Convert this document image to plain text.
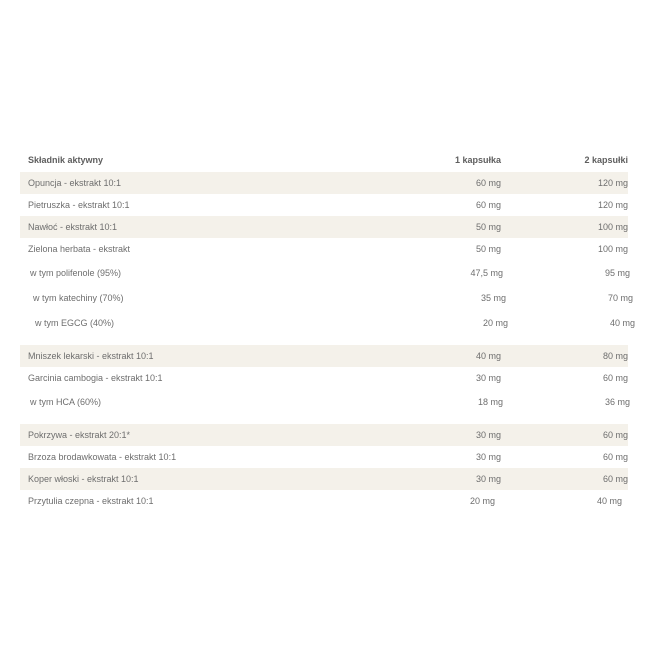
Składnik aktywny	1 kapsułka	2 kapsułki
Opuncja - ekstrakt 10:1	60 mg	120 mg
Pietruszka - ekstrakt 10:1	60 mg	120 mg
Nawłoć - ekstrakt 10:1	50 mg	100 mg
Zielona herbata - ekstrakt	50 mg	100 mg
w tym polifenole (95%)	47,5 mg	95 mg
w tym katechiny (70%)	35 mg	70 mg
w tym EGCG (40%)	20 mg	40 mg
Mniszek lekarski - ekstrakt 10:1	40 mg	80 mg
Garcinia cambogia - ekstrakt 10:1	30 mg	60 mg
w tym HCA (60%)	18 mg	36 mg
Pokrzywa - ekstrakt 20:1*	30 mg	60 mg
Brzoza brodawkowata - ekstrakt 10:1	30 mg	60 mg
Koper włoski - ekstrakt 10:1	30 mg	60 mg
Przytulia czepna - ekstrakt 10:1	20 mg	40 mg
